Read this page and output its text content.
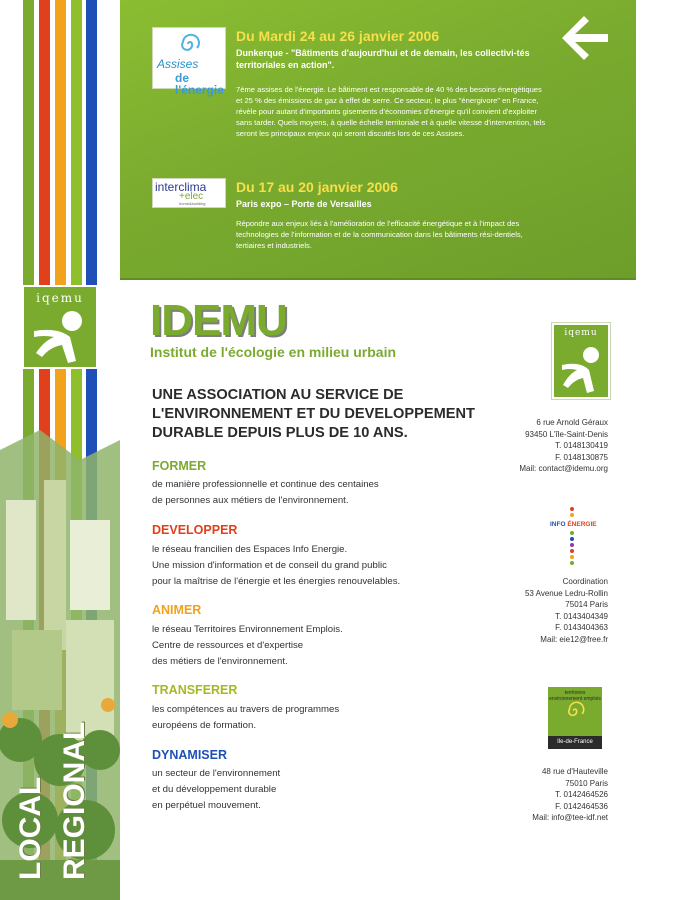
iqemu
LOCAL REGIONAL
AGENDA
Assises
de l'énergie
Du Mardi 24 au 26 janvier 2006
Dunkerque - "Bâtiments d'aujourd'hui et de demain, les collectivi-tés territoriales en action".
7ème assises de l'énergie. Le bâtiment est responsable de 40 % des besoins énergétiques et 25 % des émissions de gaz à effet de serre. Ce secteur, le plus "énergivore" en France, révèle pour autant d'importants gisements d'économies d'énergie qu'il convient d'exploiter sans tarder. Quels moyens, à quelle échelle territoriale et à quelle vitesse d'intervention, tels seront les principaux enjeux qui seront discutés lors de ces Assises.
interclima
+elec
home&building
Du 17 au 20 janvier 2006
Paris expo – Porte de Versailles
Répondre aux enjeux liés à l'amélioration de l'efficacité énergétique et à l'impact des technologies de l'information et de la communication dans les bâtiments rési-dentiels, tertiaires et industriels.
IDEMU
Institut de l'écologie en milieu urbain
UNE ASSOCIATION AU SERVICE DE L'ENVIRONNEMENT ET DU DEVELOPPEMENT DURABLE DEPUIS PLUS DE 10 ANS.
FORMER
de manière professionnelle et continue des centaines
de personnes aux métiers de l'environnement.
DEVELOPPER
le réseau francilien des Espaces Info Energie.
Une mission d'information et de conseil du grand public
pour la maîtrise de l'énergie et les énergies renouvelables.
ANIMER
le réseau Territoires Environnement Emplois.
Centre de ressources et d'expertise
des métiers de l'environnement.
TRANSFERER
les compétences au travers de programmes
européens de formation.
DYNAMISER
un secteur de l'environnement
et du développement durable
en perpétuel mouvement.
iqemu
6 rue Arnold Géraux
93450 L'île-Saint-Denis
T. 0148130419
F. 0148130875
Mail: contact@idemu.org
INFO ÉNERGIE
Coordination
53 Avenue Ledru-Rollin
75014 Paris
T. 0143404349
F. 0143404363
Mail: eie12@free.fr
territoires environnement emplois
Ile-de-France
48 rue d'Hauteville
75010 Paris
T. 0142464526
F. 0142464536
Mail: info@tee-idf.net
